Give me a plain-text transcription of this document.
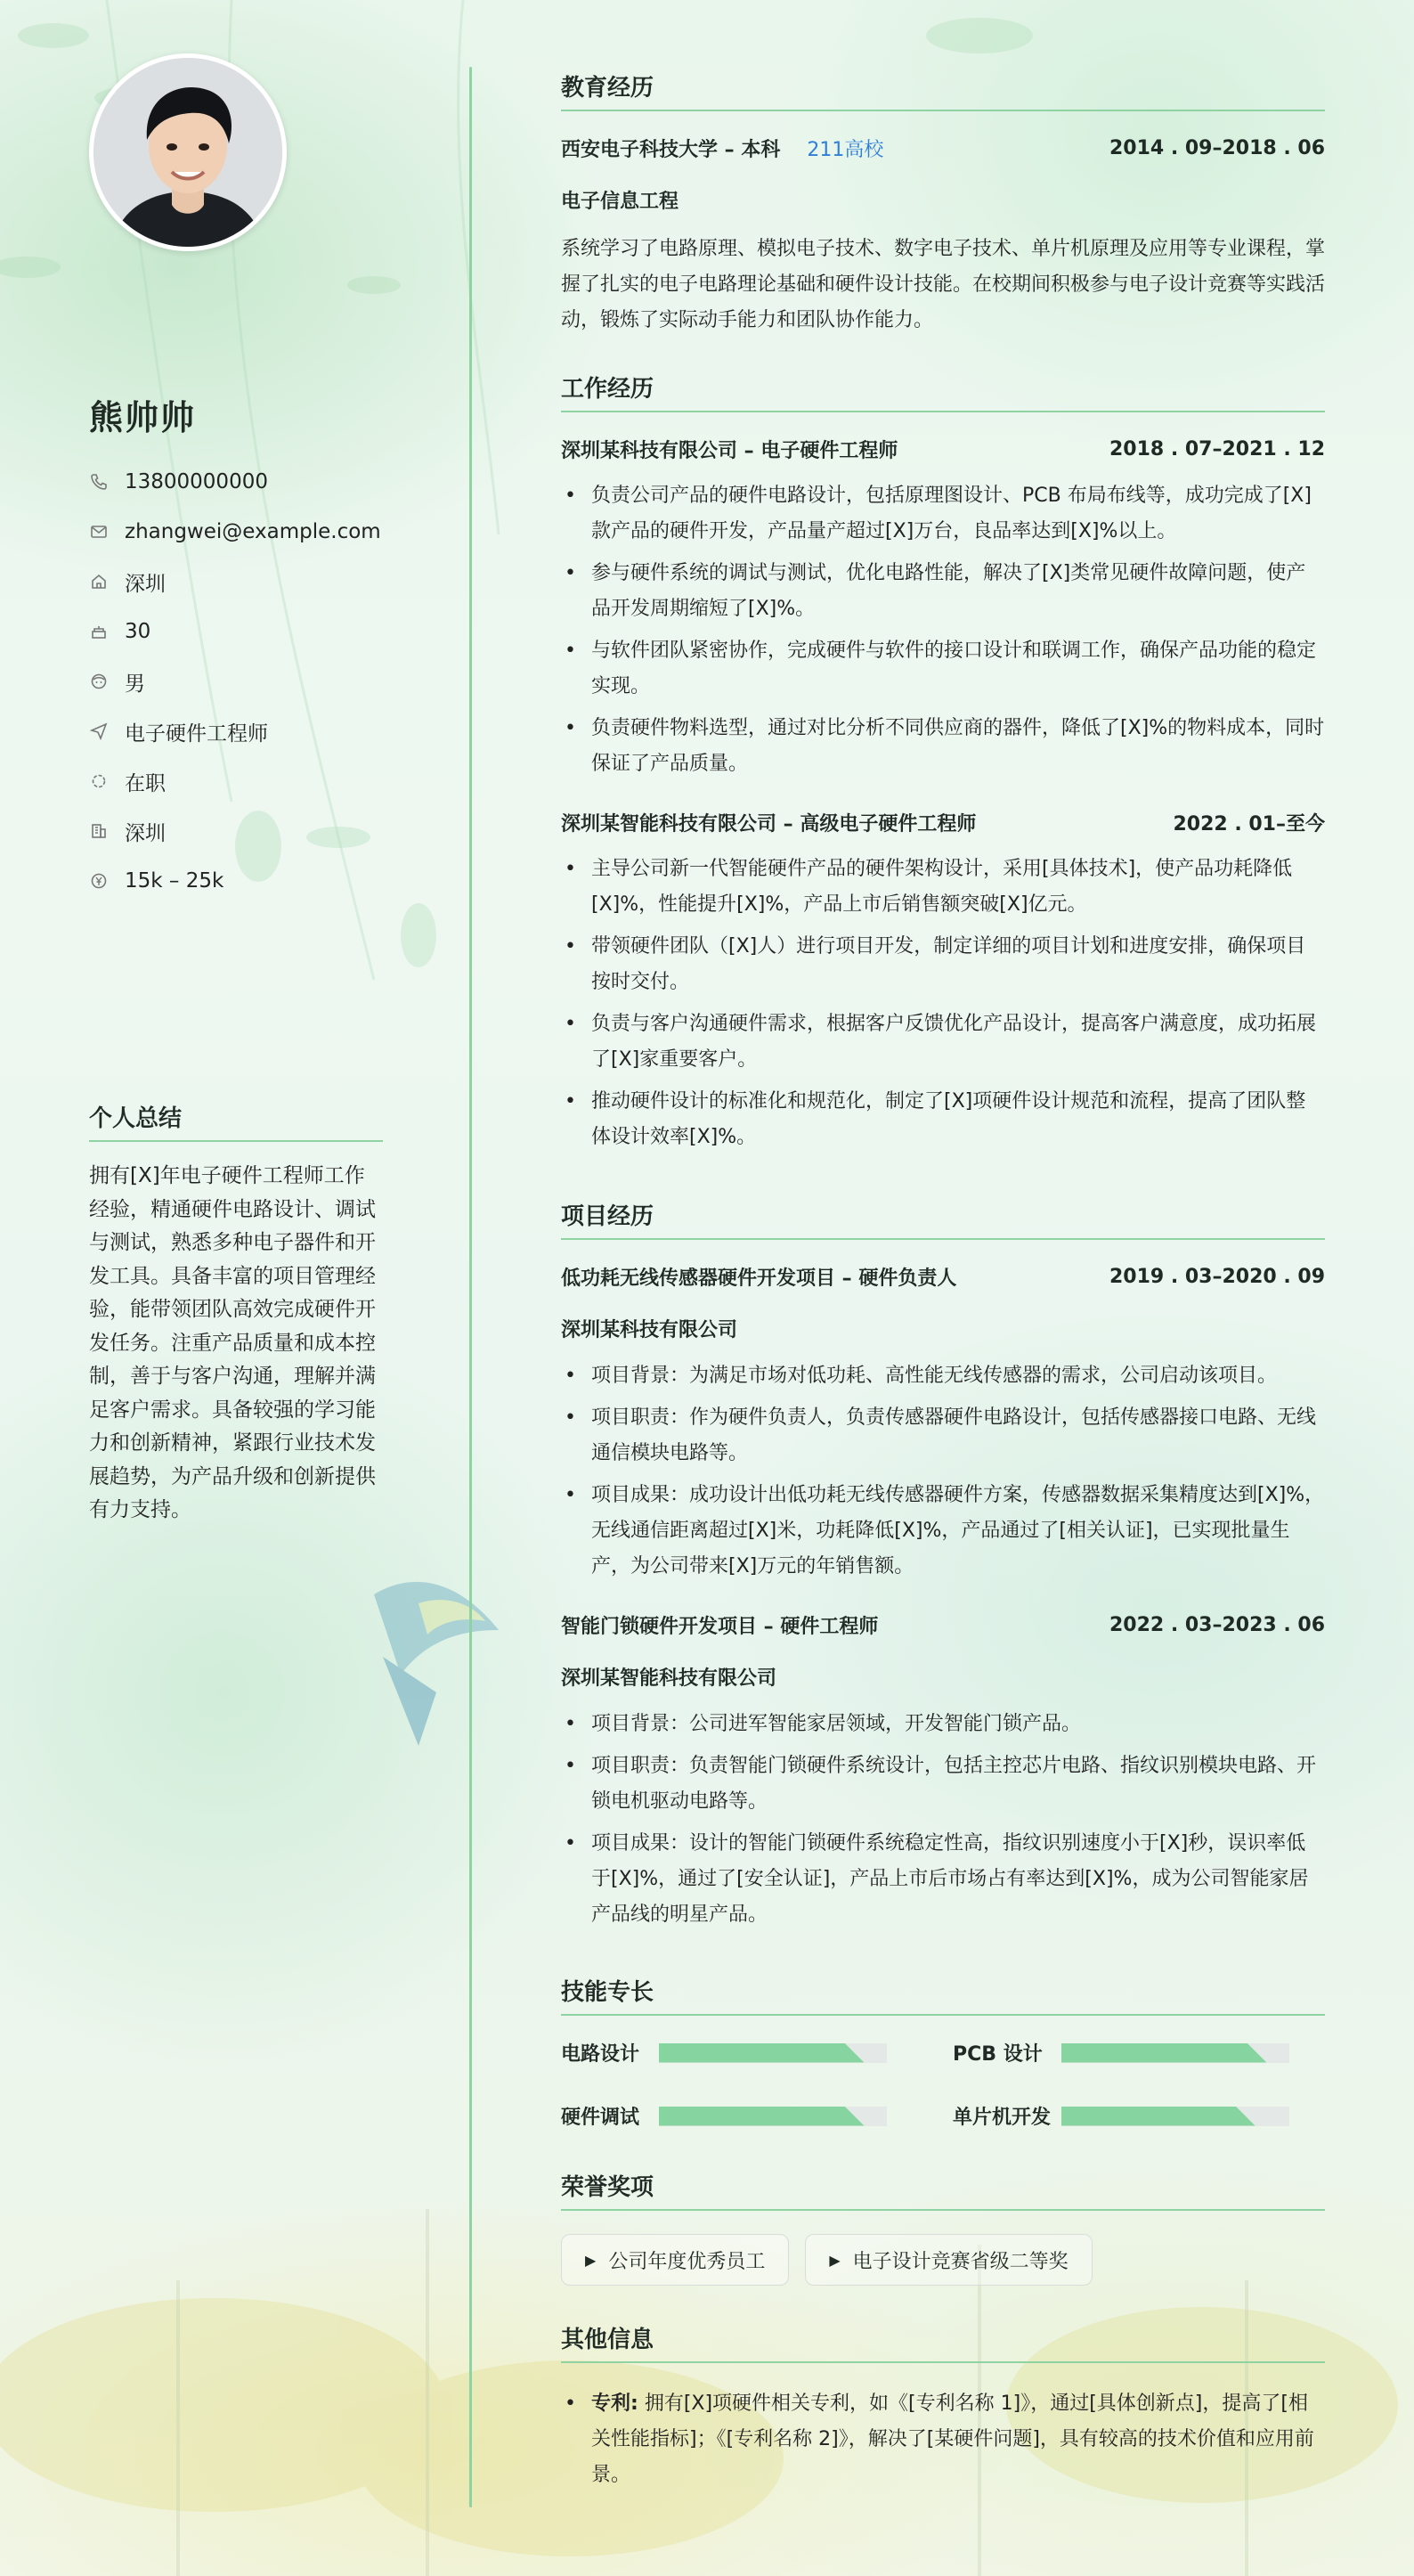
熊帅帅
13800000000
zhangwei@example.com
深圳
30
男
电子硬件工程师
在职
深圳
15k – 25k
个人总结
拥有[X]年电子硬件工程师工作经验，精通硬件电路设计、调试与测试，熟悉多种电子器件和开发工具。具备丰富的项目管理经验，能带领团队高效完成硬件开发任务。注重产品质量和成本控制，善于与客户沟通，理解并满足客户需求。具备较强的学习能力和创新精神，紧跟行业技术发展趋势，为产品升级和创新提供有力支持。
教育经历
西安电子科技大学 – 本科 211高校	2014 . 09–2018 . 06
电子信息工程
系统学习了电路原理、模拟电子技术、数字电子技术、单片机原理及应用等专业课程，掌握了扎实的电子电路理论基础和硬件设计技能。在校期间积极参与电子设计竞赛等实践活动，锻炼了实际动手能力和团队协作能力。
工作经历
深圳某科技有限公司 – 电子硬件工程师	2018 . 07–2021 . 12
• 负责公司产品的硬件电路设计，包括原理图设计、PCB 布局布线等，成功完成了[X]款产品的硬件开发，产品量产超过[X]万台，良品率达到[X]%以上。
• 参与硬件系统的调试与测试，优化电路性能，解决了[X]类常见硬件故障问题，使产品开发周期缩短了[X]%。
• 与软件团队紧密协作，完成硬件与软件的接口设计和联调工作，确保产品功能的稳定实现。
• 负责硬件物料选型，通过对比分析不同供应商的器件，降低了[X]%的物料成本，同时保证了产品质量。
深圳某智能科技有限公司 – 高级电子硬件工程师	2022 . 01–至今
• 主导公司新一代智能硬件产品的硬件架构设计，采用[具体技术]，使产品功耗降低[X]%，性能提升[X]%，产品上市后销售额突破[X]亿元。
• 带领硬件团队（[X]人）进行项目开发，制定详细的项目计划和进度安排，确保项目按时交付。
• 负责与客户沟通硬件需求，根据客户反馈优化产品设计，提高客户满意度，成功拓展了[X]家重要客户。
• 推动硬件设计的标准化和规范化，制定了[X]项硬件设计规范和流程，提高了团队整体设计效率[X]%。
项目经历
低功耗无线传感器硬件开发项目 – 硬件负责人	2019 . 03–2020 . 09
深圳某科技有限公司
• 项目背景：为满足市场对低功耗、高性能无线传感器的需求，公司启动该项目。
• 项目职责：作为硬件负责人，负责传感器硬件电路设计，包括传感器接口电路、无线通信模块电路等。
• 项目成果：成功设计出低功耗无线传感器硬件方案，传感器数据采集精度达到[X]%，无线通信距离超过[X]米，功耗降低[X]%，产品通过了[相关认证]，已实现批量生产，为公司带来[X]万元的年销售额。
智能门锁硬件开发项目 – 硬件工程师	2022 . 03–2023 . 06
深圳某智能科技有限公司
• 项目背景：公司进军智能家居领域，开发智能门锁产品。
• 项目职责：负责智能门锁硬件系统设计，包括主控芯片电路、指纹识别模块电路、开锁电机驱动电路等。
• 项目成果：设计的智能门锁硬件系统稳定性高，指纹识别速度小于[X]秒，误识率低于[X]%，通过了[安全认证]，产品上市后市场占有率达到[X]%，成为公司智能家居产品线的明星产品。
技能专长
电路设计	PCB 设计
硬件调试	单片机开发
荣誉奖项
▶ 公司年度优秀员工	▶ 电子设计竞赛省级二等奖
其他信息
• 专利: 拥有[X]项硬件相关专利，如《[专利名称 1]》，通过[具体创新点]，提高了[相关性能指标]；《[专利名称 2]》，解决了[某硬件问题]，具有较高的技术价值和应用前景。
